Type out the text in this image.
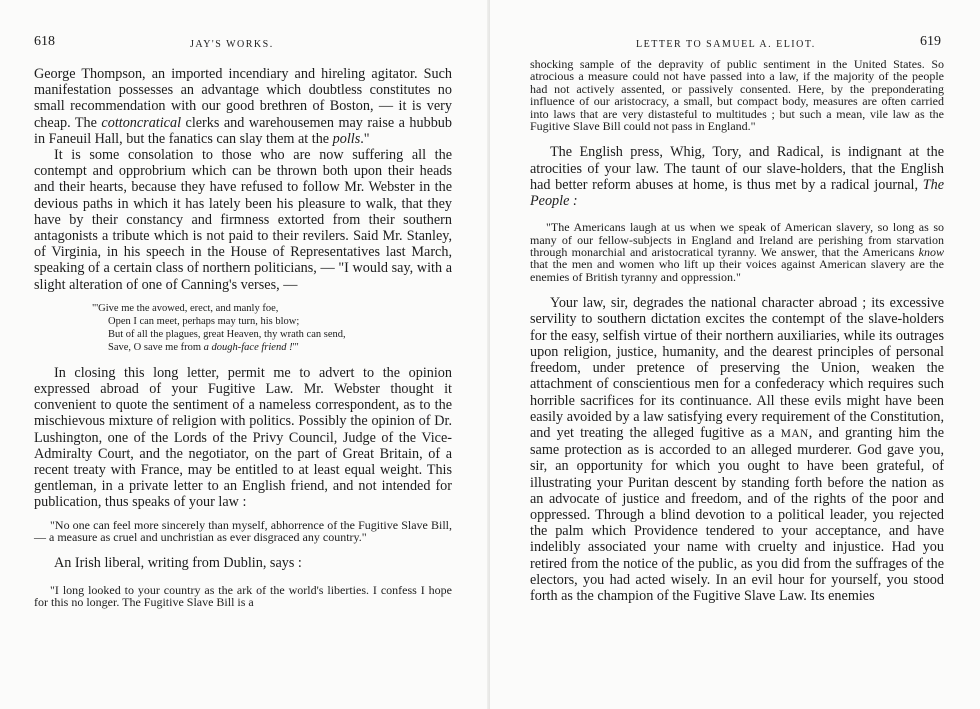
618	JAY'S WORKS.

George Thompson, an imported incendiary and hireling agitator. Such manifestation possesses an advantage which doubtless constitutes no small recommendation with our good brethren of Boston, — it is very cheap. The cottoncratical clerks and warehousemen may raise a hubbub in Faneuil Hall, but the fanatics can slay them at the polls."

It is some consolation to those who are now suffering all the contempt and opprobrium which can be thrown both upon their heads and their hearts, because they have refused to follow Mr. Webster in the devious paths in which it has lately been his pleasure to walk, that they have by their constancy and firmness extorted from their southern antagonists a tribute which is not paid to their revilers. Said Mr. Stanley, of Virginia, in his speech in the House of Representatives last March, speaking of a certain class of northern politicians, — "I would say, with a slight alteration of one of Canning's verses, —

"'Give me the avowed, erect, and manly foe,
Open I can meet, perhaps may turn, his blow;
But of all the plagues, great Heaven, thy wrath can send,
Save, O save me from a dough-face friend !'"

In closing this long letter, permit me to advert to the opinion expressed abroad of your Fugitive Law. Mr. Webster thought it convenient to quote the sentiment of a nameless correspondent, as to the mischievous mixture of religion with politics. Possibly the opinion of Dr. Lushington, one of the Lords of the Privy Council, Judge of the Vice-Admiralty Court, and the negotiator, on the part of Great Britain, of a recent treaty with France, may be entitled to at least equal weight. This gentleman, in a private letter to an English friend, and not intended for publication, thus speaks of your law :

"No one can feel more sincerely than myself, abhorrence of the Fugitive Slave Bill, — a measure as cruel and unchristian as ever disgraced any country."

An Irish liberal, writing from Dublin, says :

"I long looked to your country as the ark of the world's liberties. I confess I hope for this no longer. The Fugitive Slave Bill is a

LETTER TO SAMUEL A. ELIOT.	619

shocking sample of the depravity of public sentiment in the United States. So atrocious a measure could not have passed into a law, if the majority of the people had not actively assented, or passively consented. Here, by the preponderating influence of our aristocracy, a small, but compact body, measures are often carried into laws that are very distasteful to multitudes ; but such a mean, vile law as the Fugitive Slave Bill could not pass in England."

The English press, Whig, Tory, and Radical, is indignant at the atrocities of your law. The taunt of our slave-holders, that the English had better reform abuses at home, is thus met by a radical journal, The People :

"The Americans laugh at us when we speak of American slavery, so long as so many of our fellow-subjects in England and Ireland are perishing from starvation through monarchial and aristocratical tyranny. We answer, that the Americans know that the men and women who lift up their voices against American slavery are the enemies of British tyranny and oppression."

Your law, sir, degrades the national character abroad ; its excessive servility to southern dictation excites the contempt of the slave-holders for the easy, selfish virtue of their northern auxiliaries, while its outrages upon religion, justice, humanity, and the dearest principles of personal freedom, under pretence of preserving the Union, weaken the attachment of conscientious men for a confederacy which requires such horrible sacrifices for its continuance. All these evils might have been easily avoided by a law satisfying every requirement of the Constitution, and yet treating the alleged fugitive as a MAN, and granting him the same protection as is accorded to an alleged murderer. God gave you, sir, an opportunity for which you ought to have been grateful, of illustrating your Puritan descent by standing forth before the nation as an advocate of justice and freedom, and of the rights of the poor and oppressed. Through a blind devotion to a political leader, you rejected the palm which Providence tendered to your acceptance, and have indelibly associated your name with cruelty and injustice. Had you retired from the notice of the public, as you did from the suffrages of the electors, you had acted wisely. In an evil hour for yourself, you stood forth as the champion of the Fugitive Slave Law. Its enemies
